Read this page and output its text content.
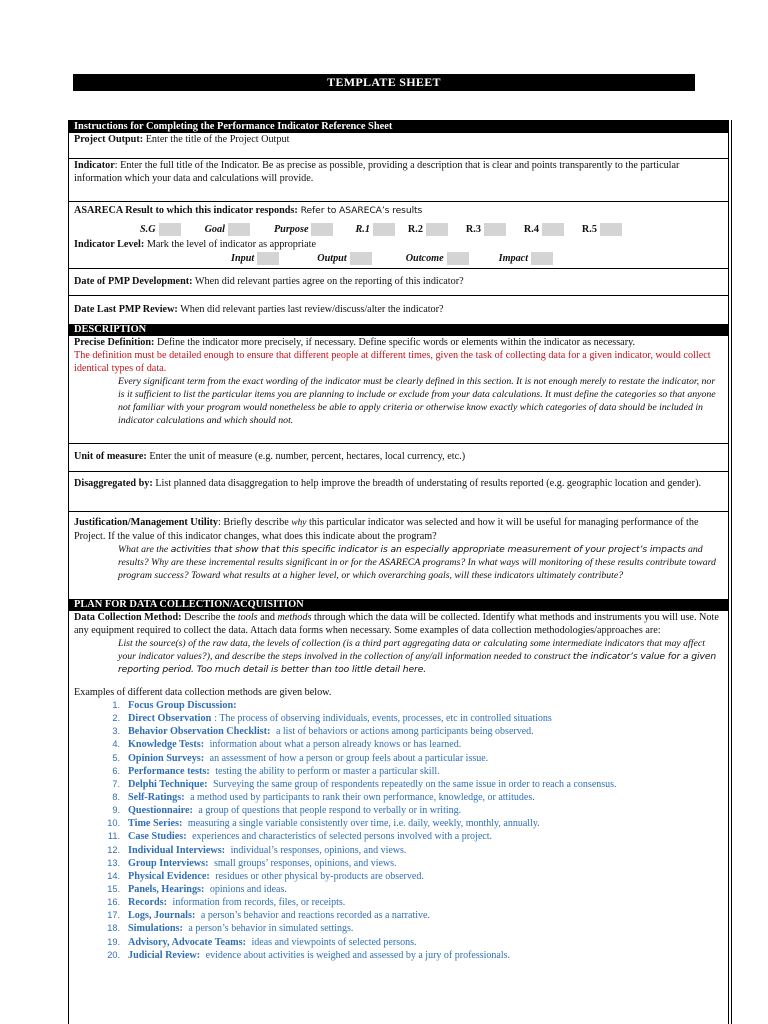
TEMPLATE SHEET
Instructions for Completing the Performance Indicator Reference Sheet
Project Output: Enter the title of the Project Output
Indicator: Enter the full title of the Indicator. Be as precise as possible, providing a description that is clear and points transparently to the particular information which your data and calculations will provide.
ASARECA Result to which this indicator responds: Refer to ASARECA’s results
S.G	Goal	Purpose	R.1	R.2	R.3	R.4	R.5
Indicator Level: Mark the level of indicator as appropriate
Input	Output	Outcome	Impact
Date of PMP Development: When did relevant parties agree on the reporting of this indicator?
Date Last PMP Review: When did relevant parties last review/discuss/alter the indicator?
DESCRIPTION
Precise Definition: Define the indicator more precisely, if necessary. Define specific words or elements within the indicator as necessary.
The definition must be detailed enough to ensure that different people at different times, given the task of collecting data for a given indicator, would collect identical types of data.
Every significant term from the exact wording of the indicator must be clearly defined in this section. It is not enough merely to restate the indicator, nor is it sufficient to list the particular items you are planning to include or exclude from your data calculations. It must define the categories so that anyone not familiar with your program would nonetheless be able to apply criteria or otherwise know exactly which categories of data should be included in indicator calculations and which should not.
Unit of measure: Enter the unit of measure (e.g. number, percent, hectares, local currency, etc.)
Disaggregated by: List planned data disaggregation to help improve the breadth of understating of results reported (e.g. geographic location and gender).
Justification/Management Utility: Briefly describe why this particular indicator was selected and how it will be useful for managing performance of the Project. If the value of this indicator changes, what does this indicate about the program?
What are the activities that show that this specific indicator is an especially appropriate measurement of your project’s impacts and results? Why are these incremental results significant in or for the ASARECA programs? In what ways will monitoring of these results contribute toward program success? Toward what results at a higher level, or which overarching goals, will these indicators ultimately contribute?
PLAN FOR DATA COLLECTION/ACQUISITION
Data Collection Method: Describe the tools and methods through which the data will be collected. Identify what methods and instruments you will use. Note any equipment required to collect the data. Attach data forms when necessary. Some examples of data collection methodologies/approaches are:
List the source(s) of the raw data, the levels of collection (is a third part aggregating data or calculating some intermediate indicators that may affect your indicator values?), and describe the steps involved in the collection of any/all information needed to construct the indicator’s value for a given reporting period. Too much detail is better than too little detail here.
Examples of different data collection methods are given below.
1. Focus Group Discussion:
2. Direct Observation : The process of observing individuals, events, processes, etc in controlled situations
3. Behavior Observation Checklist: a list of behaviors or actions among participants being observed.
4. Knowledge Tests: information about what a person already knows or has learned.
5. Opinion Surveys: an assessment of how a person or group feels about a particular issue.
6. Performance tests: testing the ability to perform or master a particular skill.
7. Delphi Technique: Surveying the same group of respondents repeatedly on the same issue in order to reach a consensus.
8. Self-Ratings: a method used by participants to rank their own performance, knowledge, or attitudes.
9. Questionnaire: a group of questions that people respond to verbally or in writing.
10. Time Series: measuring a single variable consistently over time, i.e. daily, weekly, monthly, annually.
11. Case Studies: experiences and characteristics of selected persons involved with a project.
12. Individual Interviews: individual’s responses, opinions, and views.
13. Group Interviews: small groups’ responses, opinions, and views.
14. Physical Evidence: residues or other physical by-products are observed.
15. Panels, Hearings: opinions and ideas.
16. Records: information from records, files, or receipts.
17. Logs, Journals: a person’s behavior and reactions recorded as a narrative.
18. Simulations: a person’s behavior in simulated settings.
19. Advisory, Advocate Teams: ideas and viewpoints of selected persons.
20. Judicial Review: evidence about activities is weighed and assessed by a jury of professionals.
